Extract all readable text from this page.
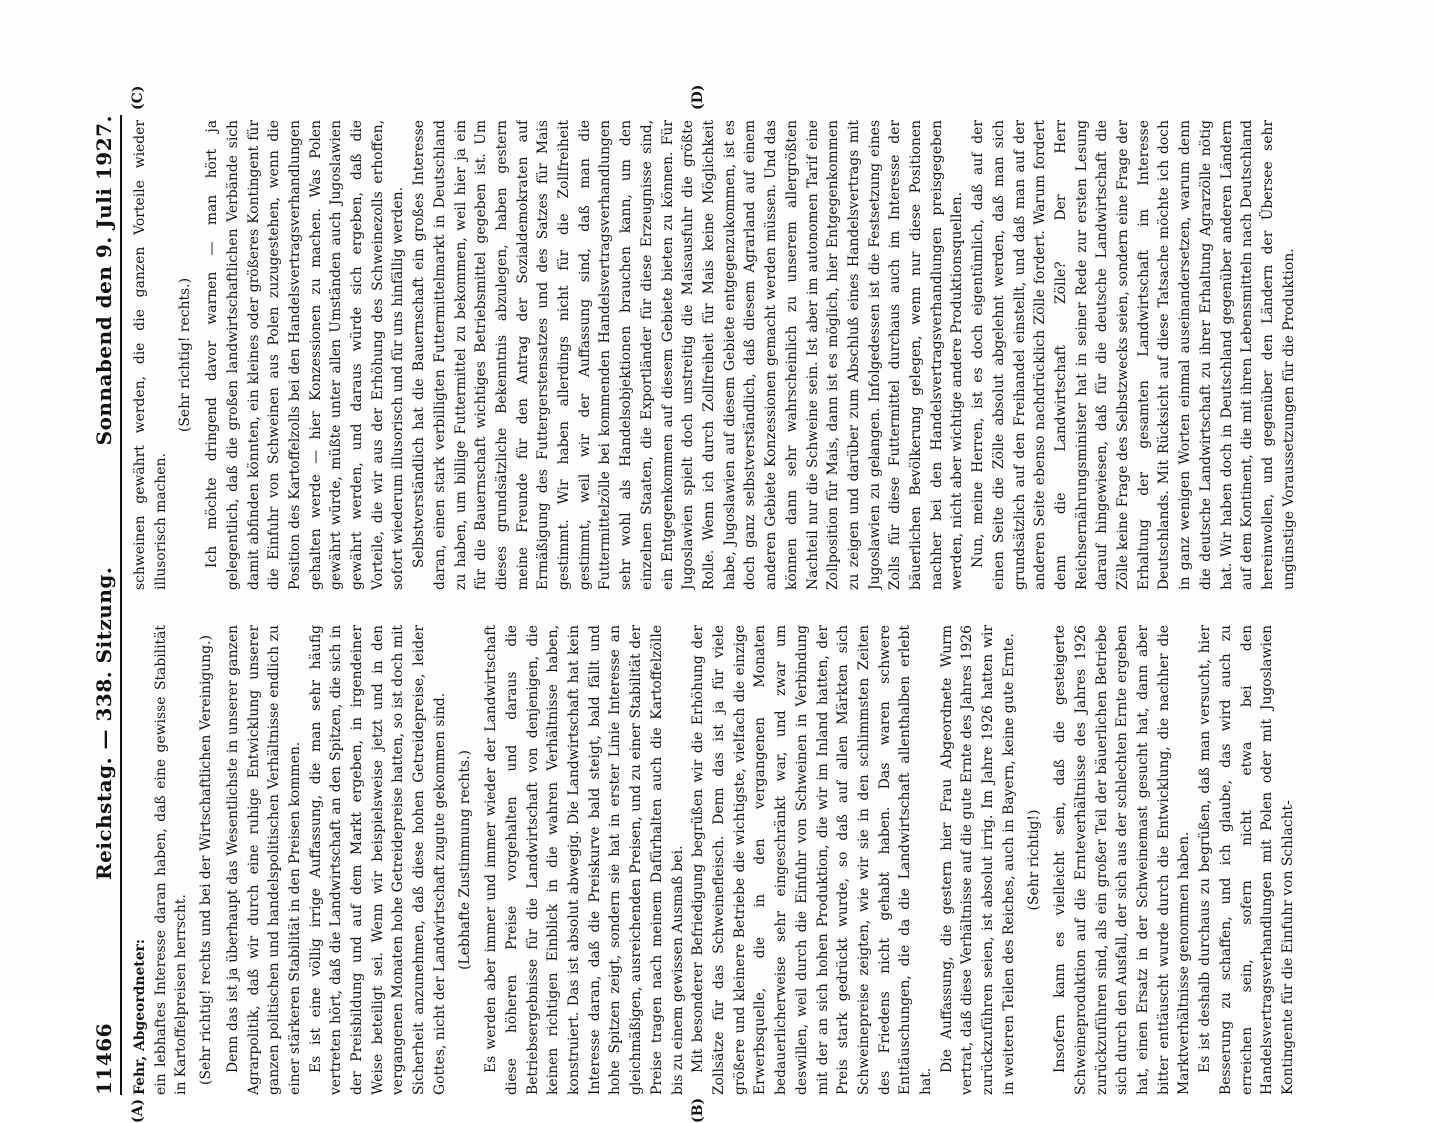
11466
Reichstag. — 338. Sitzung.
Sonnabend den 9. Juli 1927.
(A)	(B)
(C)	(D)

Fehr, Abgeordneter: ein lebhaftes Interesse daran haben, daß eine gewisse Stabilität in Kartoffelpreisen herrscht. (Sehr richtig! rechts und bei der Wirtschaftlichen Vereinigung.) Denn das ist ja überhaupt das Wesentlichste in unserer ganzen Agrarpolitik, daß wir durch eine ruhige Entwicklung unserer ganzen politischen und handelspolitischen Verhältnisse endlich zu einer stärkeren Stabilität in den Preisen kommen. Es ist eine völlig irrige Auffassung, die man sehr häufig vertreten hört, daß die Landwirtschaft an den Spitzen, die sich in der Preisbildung und auf dem Markt ergeben, in irgendeiner Weise beteiligt sei. Wenn wir beispielsweise jetzt und in den vergangenen Monaten hohe Getreidepreise hatten, so ist doch mit Sicherheit anzunehmen, daß diese hohen Getreidepreise, leider Gottes, nicht der Landwirtschaft zugute gekommen sind. (Lebhafte Zustimmung rechts.) Es werden aber immer und immer wieder der Landwirtschaft diese höheren Preise vorgehalten und daraus die Betriebsergebnisse für die Landwirtschaft von denjenigen, die keinen richtigen Einblick in die wahren Verhältnisse haben, konstruiert. Das ist absolut abwegig. Die Landwirtschaft hat kein Interesse daran, daß die Preiskurve bald steigt, bald fällt und hohe Spitzen zeigt, sondern sie hat in erster Linie Interesse an gleichmäßigen, ausreichenden Preisen, und zu einer Stabilität der Preise tragen nach meinem Dafürhalten auch die Kartoffelzölle bis zu einem gewissen Ausmaß bei. Mit besonderer Befriedigung begrüßen wir die Erhöhung der Zollsätze für das Schweinefleisch. Denn das ist ja für viele größere und kleinere Betriebe die wichtigste, vielfach die einzige Erwerbsquelle, die in den vergangenen Monaten bedauerlicherweise sehr eingeschränkt war, und zwar um deswillen, weil durch die Einfuhr von Schweinen in Verbindung mit der an sich hohen Produktion, die wir im Inland hatten, der Preis stark gedrückt wurde, so daß auf allen Märkten sich Schweinepreise zeigten, wie wir sie in den schlimmsten Zeiten des Friedens nicht gehabt haben. Das waren schwere Enttäuschungen, die da die Landwirtschaft allenthalben erlebt hat.

Die Auffassung, die gestern hier Frau Abgeordnete Wurm vertrat, daß diese Verhältnisse auf die gute Ernte des Jahres 1926 zurückzuführen seien, ist absolut irrig. Im Jahre 1926 hatten wir in weiteren Teilen des Reiches, auch in Bayern, keine gute Ernte. (Sehr richtig!) Insofern kann es vielleicht sein, daß die gesteigerte Schweineproduktion auf die Ernteverhältnisse des Jahres 1926 zurückzuführen sind, als ein großer Teil der bäuerlichen Betriebe sich durch den Ausfall, der sich aus der schlechten Ernte ergeben hat, einen Ersatz in der Schweinemast gesucht hat, dann aber bitter enttäuscht wurde durch die Entwicklung, die nachher die Marktverhältnisse genommen haben. Es ist deshalb durchaus zu begrüßen, daß man versucht, hier Besserung zu schaffen, und ich glaube, das wird auch zu erreichen sein, sofern nicht etwa bei den Handelsvertragsverhandlungen mit Polen oder mit Jugoslawien Kontingente für die Einfuhr von Schlacht-

schweinen gewährt werden, die die ganzen Vorteile wieder illusorisch machen.

(Sehr richtig! rechts.) Ich möchte dringend davor warnen — man hört ja gelegentlich, daß die großen landwirtschaftlichen Verbände sich damit abfinden könnten, ein kleines oder größeres Kontingent für die Einfuhr von Schweinen aus Polen zuzugestehen, wenn die Position des Kartoffelzolls bei den Handelsvertragsverhandlungen gehalten werde — hier Konzessionen zu machen. Was Polen gewährt würde, müßte unter allen Umständen auch Jugoslawien gewährt werden, und daraus würde sich ergeben, daß die Vorteile, die wir aus der Erhöhung des Schweinezolls erhoffen, sofort wiederum illusorisch und für uns hinfällig werden. Selbstverständlich hat die Bauernschaft ein großes Interesse daran, einen stark verbilligten Futtermittelmarkt in Deutschland zu haben, um billige Futtermittel zu bekommen, weil hier ja ein für die Bauernschaft wichtiges Betriebsmittel gegeben ist. Um dieses grundsätzliche Bekenntnis abzulegen, haben gestern meine Freunde für den Antrag der Sozialdemokraten auf Ermäßigung des Futtergerstensatzes und des Satzes für Mais gestimmt. Wir haben allerdings nicht für die Zollfreiheit gestimmt, weil wir der Auffassung sind, daß man die Futtermittelzölle bei kommenden Handelsvertragsverhandlungen sehr wohl als Handelsobjektionen brauchen kann, um den einzelnen Staaten, die Exportländer für diese Erzeugnisse sind, ein Entgegenkommen auf diesem Gebiete bieten zu können. Für Jugoslawien spielt doch unstreitig die Maisausfuhr die größte Rolle. Wenn ich durch Zollfreiheit für Mais keine Möglichkeit habe, Jugoslawien auf diesem Gebiete entgegenzukommen, ist es doch ganz selbstverständlich, daß diesem Agrarland auf einem anderen Gebiete Konzessionen gemacht werden müssen. Und das können dann sehr wahrscheinlich zu unserem allergrößten Nachteil nur die Schweine sein. Ist aber im autonomen Tarif eine Zollposition für Mais, dann ist es möglich, hier Entgegenkommen zu zeigen und darüber zum Abschluß eines Handelsvertrags mit Jugoslawien zu gelangen. Infolgedessen ist die Festsetzung eines Zolls für diese Futtermittel durchaus auch im Interesse der bäuerlichen Bevölkerung gelegen, wenn nur diese Positionen nachher bei den Handelsvertragsverhandlungen preisgegeben werden, nicht aber wichtige andere Produktionsquellen. Nun, meine Herren, ist es doch eigentümlich, daß auf der einen Seite die Zölle absolut abgelehnt werden, daß man sich grundsätzlich auf den Freihandel einstellt, und daß man auf der anderen Seite ebenso nachdrücklich Zölle fordert. Warum fordert denn die Landwirtschaft Zölle? Der Herr Reichsernährungsminister hat in seiner Rede zur ersten Lesung darauf hingewiesen, daß für die deutsche Landwirtschaft die Zölle keine Frage des Selbstzwecks seien, sondern eine Frage der Erhaltung der gesamten Landwirtschaft im Interesse Deutschlands. Mit Rücksicht auf diese Tatsache möchte ich doch in ganz wenigen Worten einmal auseinandersetzen, warum denn die deutsche Landwirtschaft zu ihrer Erhaltung Agrarzölle nötig hat. Wir haben doch in Deutschland gegenüber anderen Ländern auf dem Kontinent, die mit ihren Lebensmitteln nach Deutschland hereinwollen, und gegenüber den Ländern der Übersee sehr ungünstige Voraussetzungen für die Produktion.
